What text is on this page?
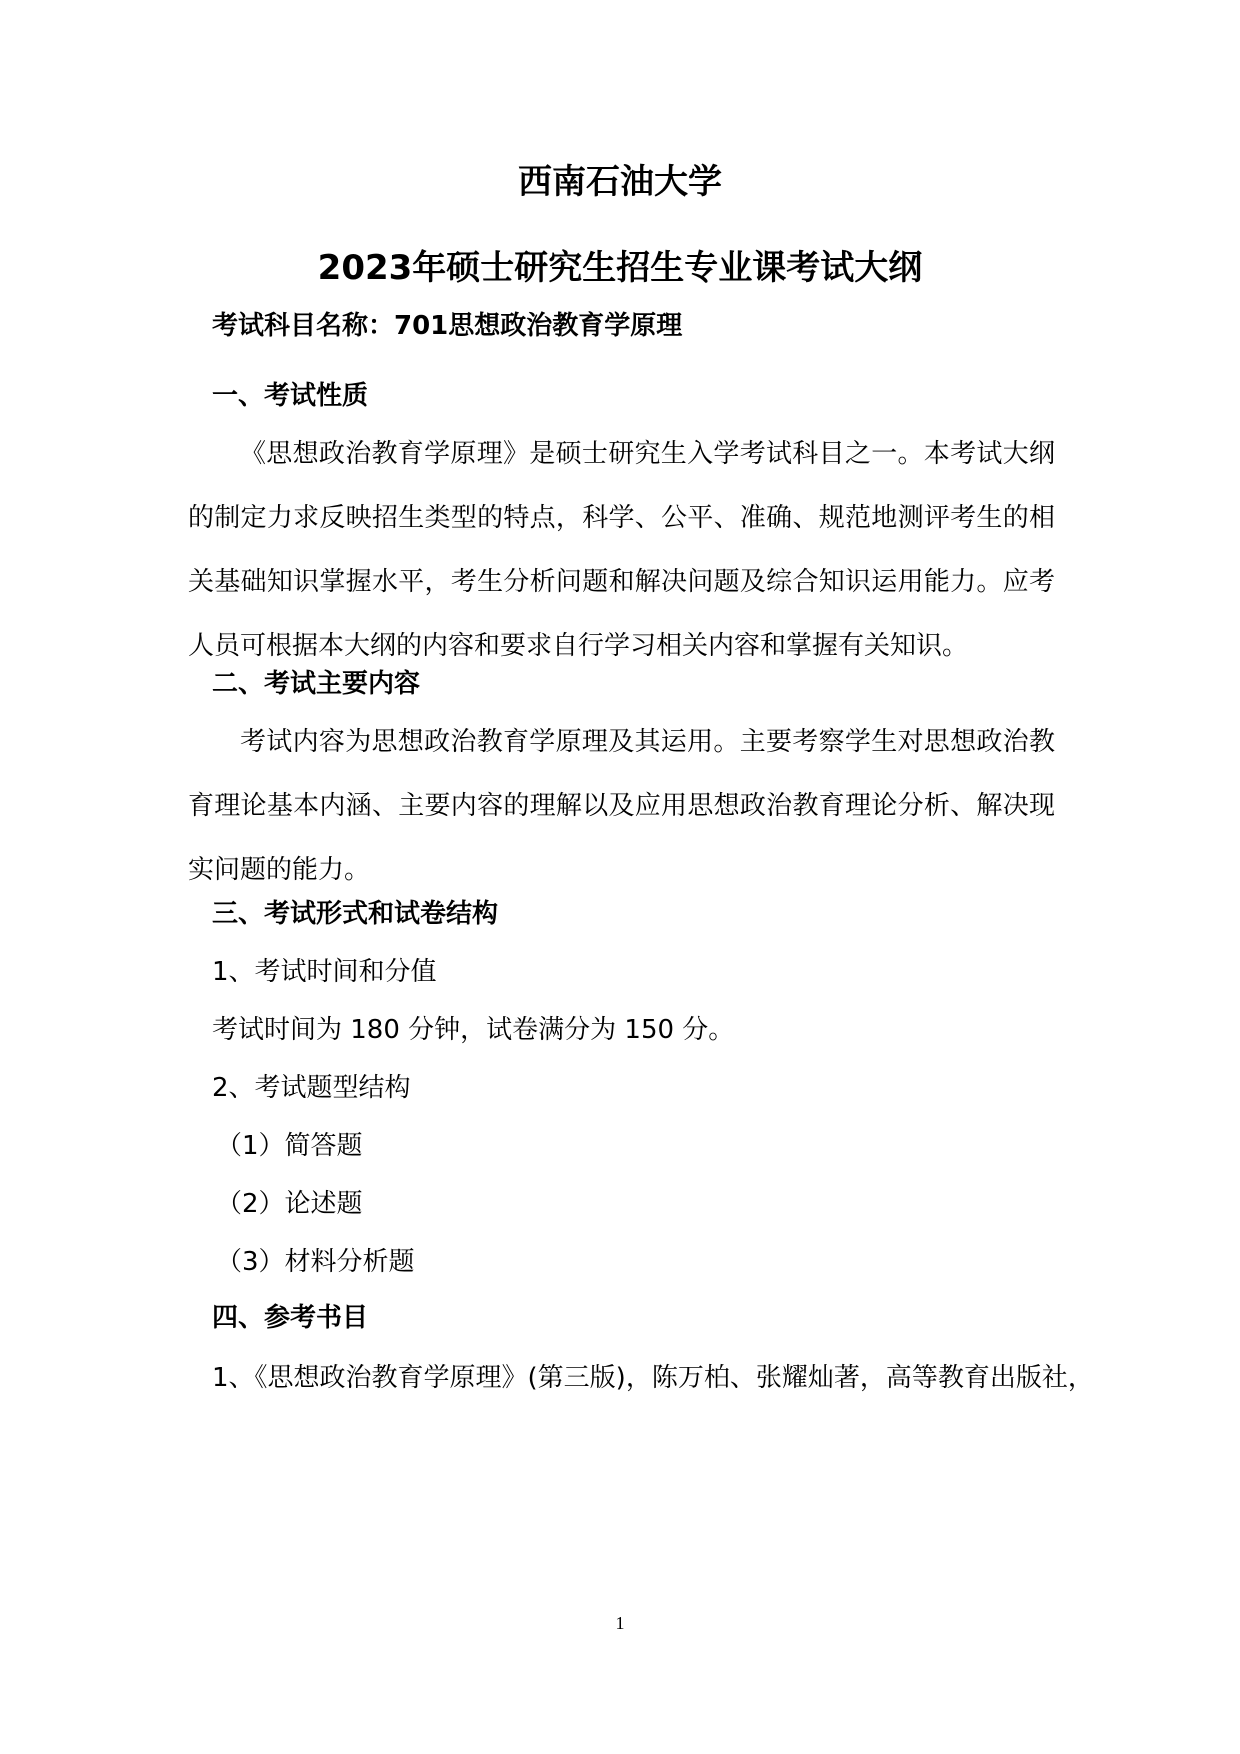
西南石油大学
2023年硕士研究生招生专业课考试大纲

考试科目名称：701思想政治教育学原理

一、考试性质

《思想政治教育学原理》是硕士研究生入学考试科目之一。本考试大纲的制定力求反映招生类型的特点，科学、公平、准确、规范地测评考生的相关基础知识掌握水平，考生分析问题和解决问题及综合知识运用能力。应考人员可根据本大纲的内容和要求自行学习相关内容和掌握有关知识。

二、考试主要内容

考试内容为思想政治教育学原理及其运用。主要考察学生对思想政治教育理论基本内涵、主要内容的理解以及应用思想政治教育理论分析、解决现实问题的能力。

三、考试形式和试卷结构

1、考试时间和分值

考试时间为 180 分钟，试卷满分为 150 分。

2、考试题型结构

（1）简答题

（2）论述题

（3）材料分析题

四、参考书目

1、《思想政治教育学原理》(第三版)，陈万柏、张耀灿著，高等教育出版社，

1
